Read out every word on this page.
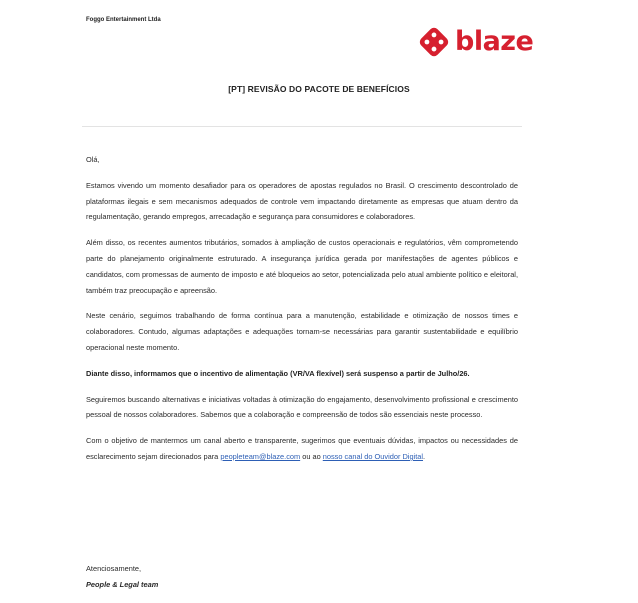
Foggo Entertainment Ltda
blaze
[PT] REVISÃO DO PACOTE DE BENEFÍCIOS

Olá,

Estamos vivendo um momento desafiador para os operadores de apostas regulados no Brasil. O crescimento descontrolado de plataformas ilegais e sem mecanismos adequados de controle vem impactando diretamente as empresas que atuam dentro da regulamentação, gerando empregos, arrecadação e segurança para consumidores e colaboradores.

Além disso, os recentes aumentos tributários, somados à ampliação de custos operacionais e regulatórios, vêm comprometendo parte do planejamento originalmente estruturado. A insegurança jurídica gerada por manifestações de agentes públicos e candidatos, com promessas de aumento de imposto e até bloqueios ao setor, potencializada pelo atual ambiente político e eleitoral, também traz preocupação e apreensão.

Neste cenário, seguimos trabalhando de forma contínua para a manutenção, estabilidade e otimização de nossos times e colaboradores. Contudo, algumas adaptações e adequações tornam-se necessárias para garantir sustentabilidade e equilíbrio operacional neste momento.

Diante disso, informamos que o incentivo de alimentação (VR/VA flexível) será suspenso a partir de Julho/26.

Seguiremos buscando alternativas e iniciativas voltadas à otimização do engajamento, desenvolvimento profissional e crescimento pessoal de nossos colaboradores. Sabemos que a colaboração e compreensão de todos são essenciais neste processo.

Com o objetivo de mantermos um canal aberto e transparente, sugerimos que eventuais dúvidas, impactos ou necessidades de esclarecimento sejam direcionados para peopleteam@blaze.com ou ao nosso canal do Ouvidor Digital.

Atenciosamente,
People & Legal team
